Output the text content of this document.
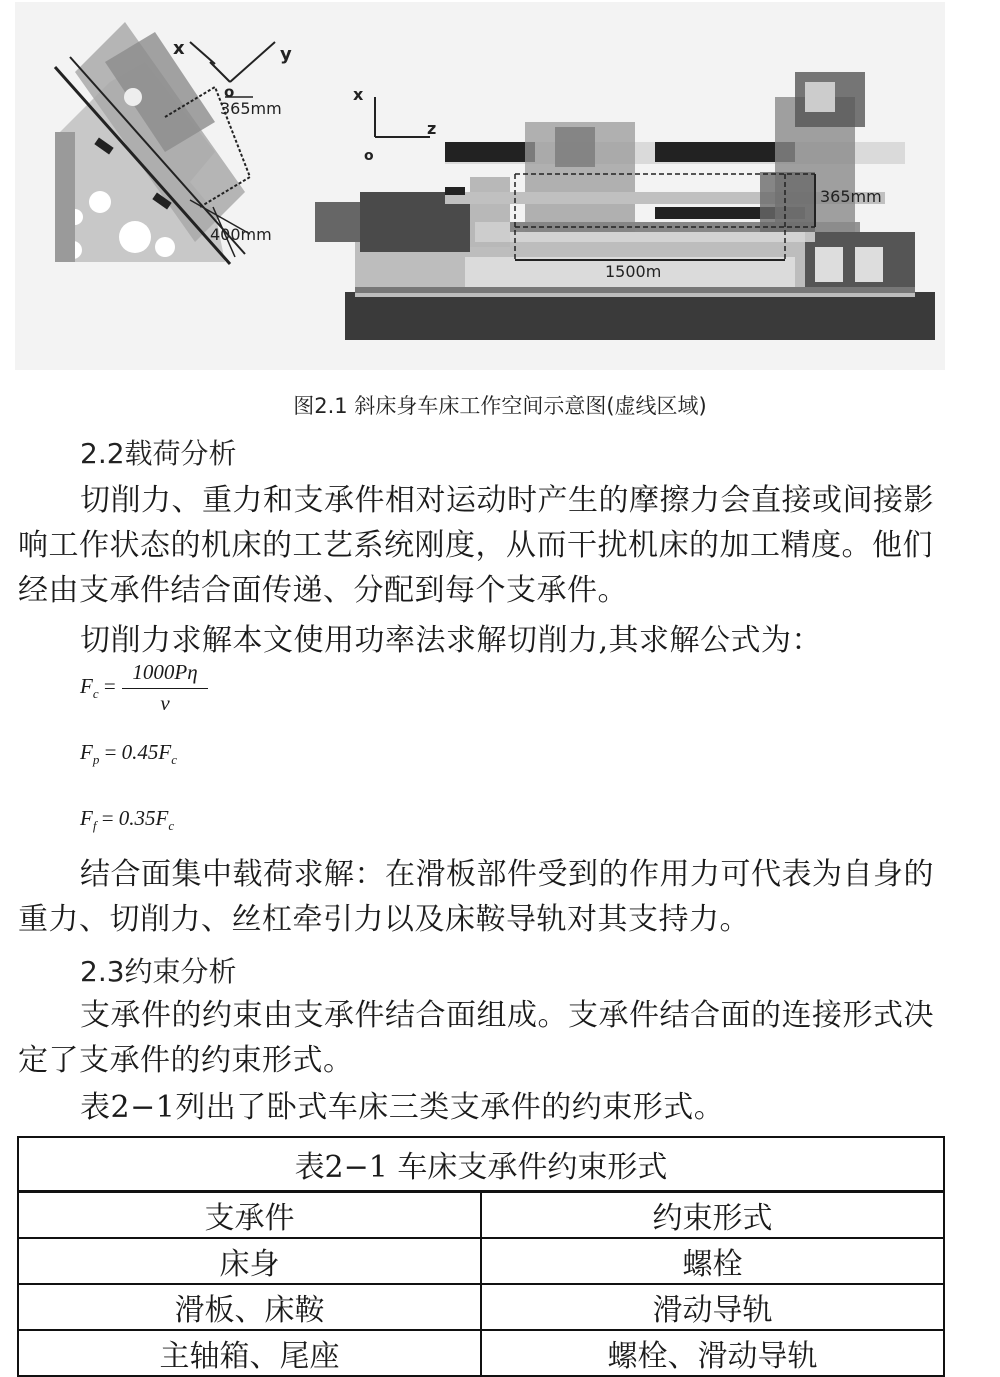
x	y
o
365mm
400mm
x
z
o
365mm
1500m
图2.1 斜床身车床工作空间示意图(虚线区域)
2.2载荷分析
切削力、重力和支承件相对运动时产生的摩擦力会直接或间接影响工作状态的机床的工艺系统刚度，从而干扰机床的加工精度。他们经由支承件结合面传递、分配到每个支承件。
切削力求解本文使用功率法求解切削力,其求解公式为：
$F_c$ =
1000Pη
v
$F_p = 0.45F_c$
$F_f = 0.35F_c$
结合面集中载荷求解：在滑板部件受到的作用力可代表为自身的重力、切削力、丝杠牵引力以及床鞍导轨对其支持力。
2.3约束分析
支承件的约束由支承件结合面组成。支承件结合面的连接形式决定了支承件的约束形式。
表2−1列出了卧式车床三类支承件的约束形式。
表2−1 车床支承件约束形式	
支承件	约束形式
床身	螺栓
滑板、床鞍	滑动导轨
主轴箱、尾座	螺栓、滑动导轨
